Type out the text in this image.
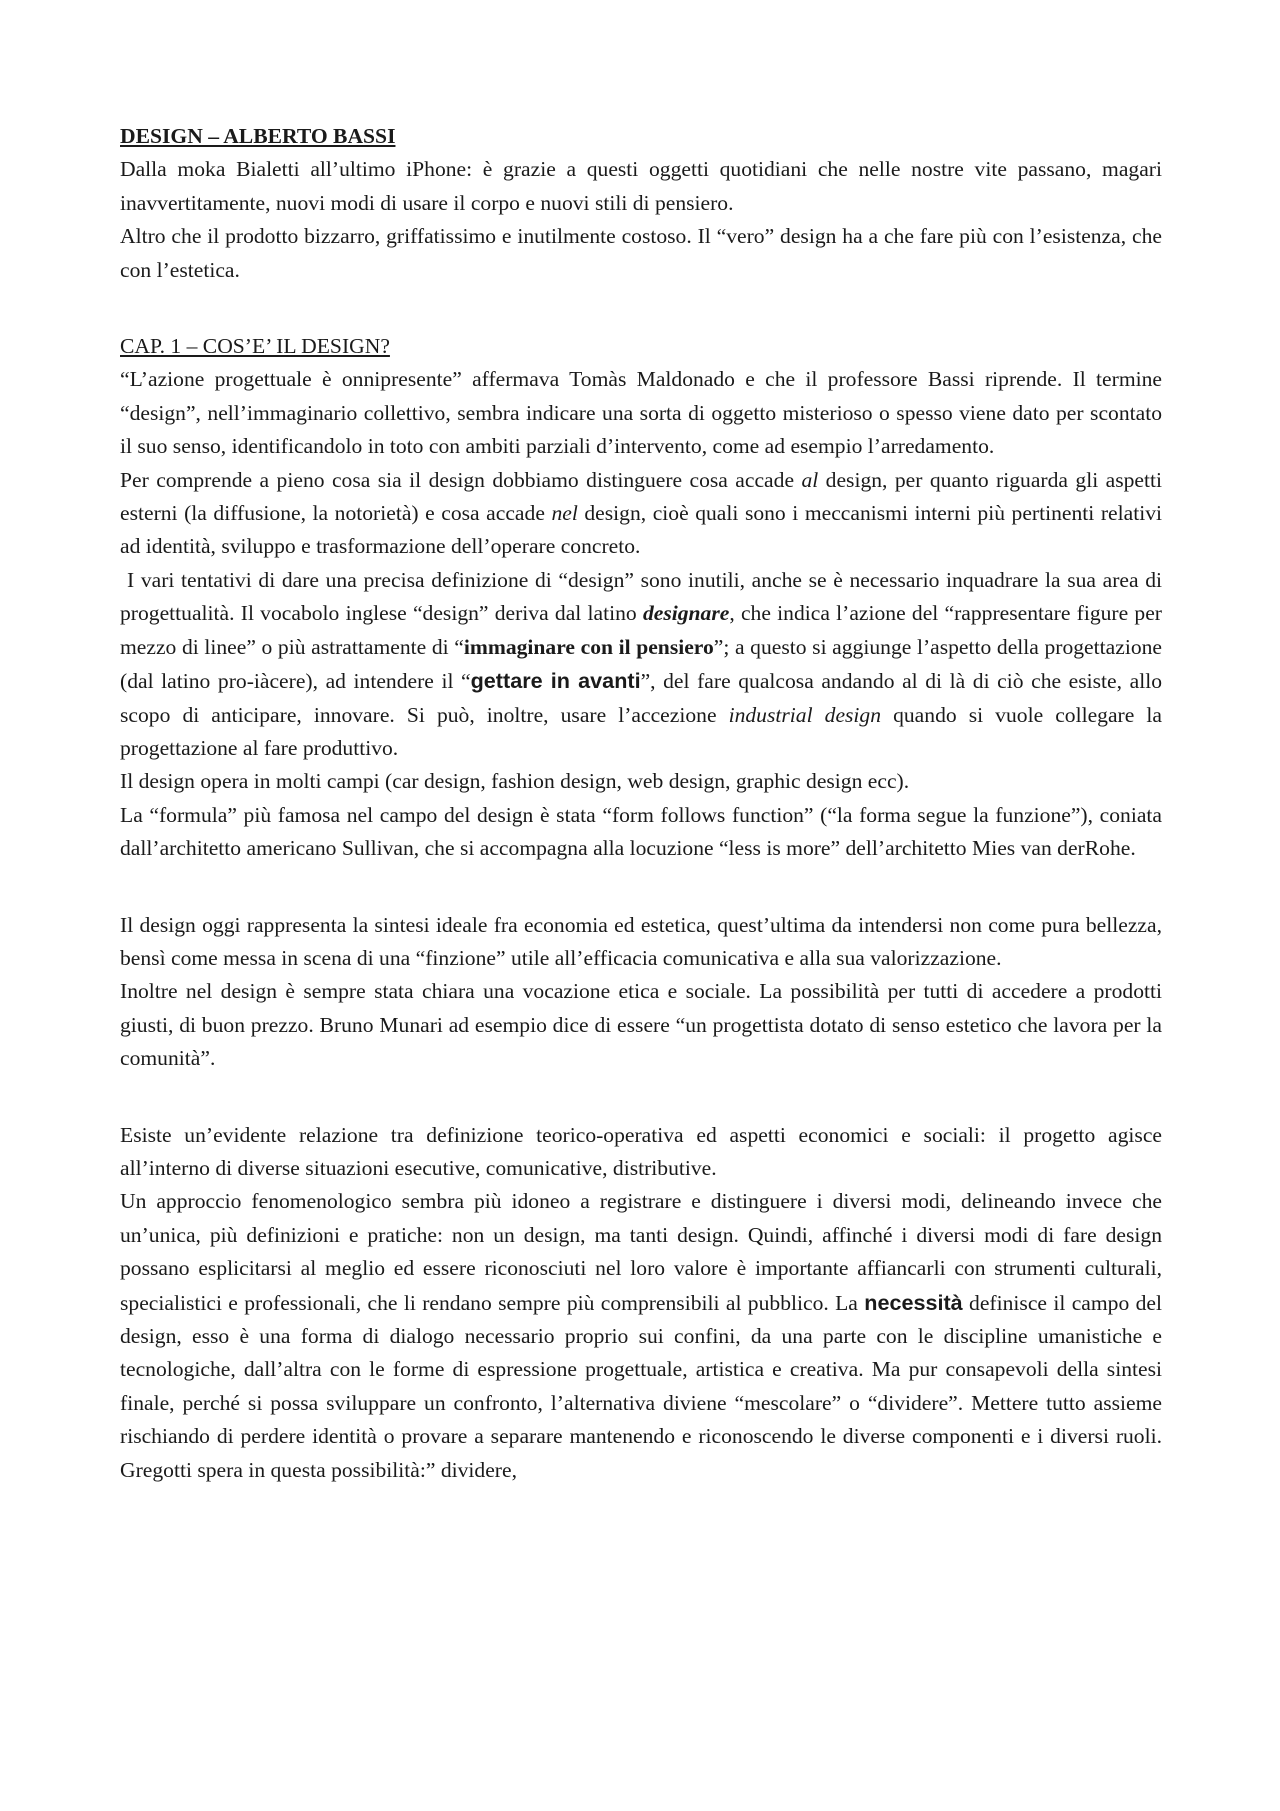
DESIGN – ALBERTO BASSI

Dalla moka Bialetti all’ultimo iPhone: è grazie a questi oggetti quotidiani che nelle nostre vite passano, magari inavvertitamente, nuovi modi di usare il corpo e nuovi stili di pensiero.

Altro che il prodotto bizzarro, griffatissimo e inutilmente costoso. Il “vero” design ha a che fare più con l’esistenza, che con l’estetica.

CAP. 1 – COS’E’ IL DESIGN?

“L’azione progettuale è onnipresente” affermava Tomàs Maldonado e che il professore Bassi riprende. Il termine “design”, nell’immaginario collettivo, sembra indicare una sorta di oggetto misterioso o spesso viene dato per scontato il suo senso, identificandolo in toto con ambiti parziali d’intervento, come ad esempio l’arredamento.

Per comprende a pieno cosa sia il design dobbiamo distinguere cosa accade al design, per quanto riguarda gli aspetti esterni (la diffusione, la notorietà) e cosa accade nel design, cioè quali sono i meccanismi interni più pertinenti relativi ad identità, sviluppo e trasformazione dell’operare concreto.

I vari tentativi di dare una precisa definizione di “design” sono inutili, anche se è necessario inquadrare la sua area di progettualità. Il vocabolo inglese “design” deriva dal latino designare, che indica l’azione del “rappresentare figure per mezzo di linee” o più astrattamente di “immaginare con il pensiero”; a questo si aggiunge l’aspetto della progettazione (dal latino pro-iàcere), ad intendere il “gettare in avanti”, del fare qualcosa andando al di là di ciò che esiste, allo scopo di anticipare, innovare. Si può, inoltre, usare l’accezione industrial design quando si vuole collegare la progettazione al fare produttivo.

Il design opera in molti campi (car design, fashion design, web design, graphic design ecc).

La “formula” più famosa nel campo del design è stata “form follows function” (“la forma segue la funzione”), coniata dall’architetto americano Sullivan, che si accompagna alla locuzione “less is more” dell’architetto Mies van derRohe.

Il design oggi rappresenta la sintesi ideale fra economia ed estetica, quest’ultima da intendersi non come pura bellezza, bensì come messa in scena di una “finzione” utile all’efficacia comunicativa e alla sua valorizzazione.

Inoltre nel design è sempre stata chiara una vocazione etica e sociale. La possibilità per tutti di accedere a prodotti giusti, di buon prezzo. Bruno Munari ad esempio dice di essere “un progettista dotato di senso estetico che lavora per la comunità”.

Esiste un’evidente relazione tra definizione teorico-operativa ed aspetti economici e sociali: il progetto agisce all’interno di diverse situazioni esecutive, comunicative, distributive.

Un approccio fenomenologico sembra più idoneo a registrare e distinguere i diversi modi, delineando invece che un’unica, più definizioni e pratiche: non un design, ma tanti design. Quindi, affinché i diversi modi di fare design possano esplicitarsi al meglio ed essere riconosciuti nel loro valore è importante affiancarli con strumenti culturali, specialistici e professionali, che li rendano sempre più comprensibili al pubblico. La necessità definisce il campo del design, esso è una forma di dialogo necessario proprio sui confini, da una parte con le discipline umanistiche e tecnologiche, dall’altra con le forme di espressione progettuale, artistica e creativa. Ma pur consapevoli della sintesi finale, perché si possa sviluppare un confronto, l’alternativa diviene “mescolare” o “dividere”. Mettere tutto assieme rischiando di perdere identità o provare a separare mantenendo e riconoscendo le diverse componenti e i diversi ruoli. Gregotti spera in questa possibilità:” dividere,
